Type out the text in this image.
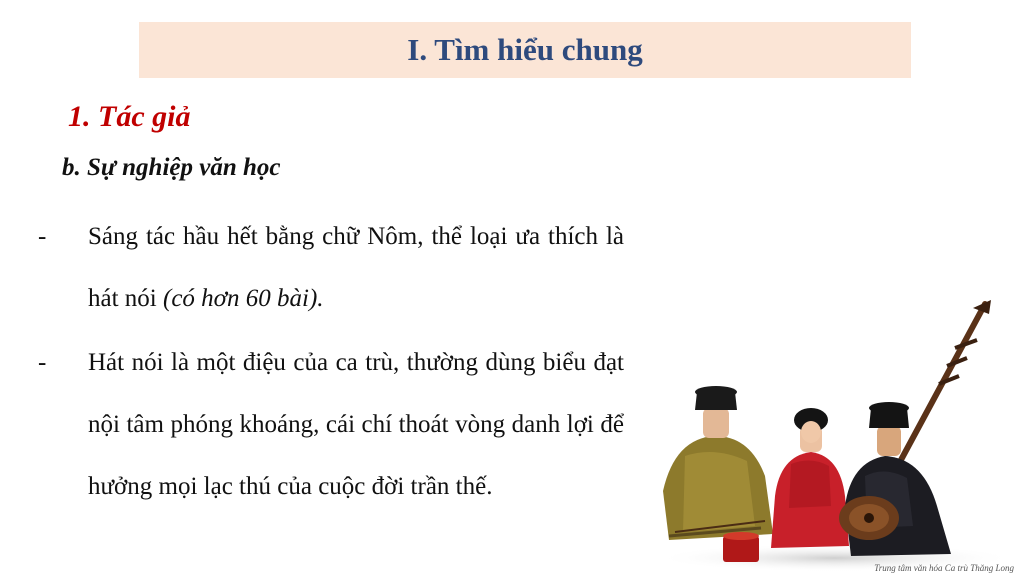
I. Tìm hiểu chung
1. Tác giả
b. Sự nghiệp văn học
-	Sáng tác hầu hết bằng chữ Nôm, thể loại ưa thích là hát nói (có hơn 60 bài).
-	Hát nói là một điệu của ca trù, thường dùng biểu đạt nội tâm phóng khoáng, cái chí thoát vòng danh lợi để hưởng mọi lạc thú của cuộc đời trần thế.
Trung tâm văn hóa Ca trù Thăng Long
